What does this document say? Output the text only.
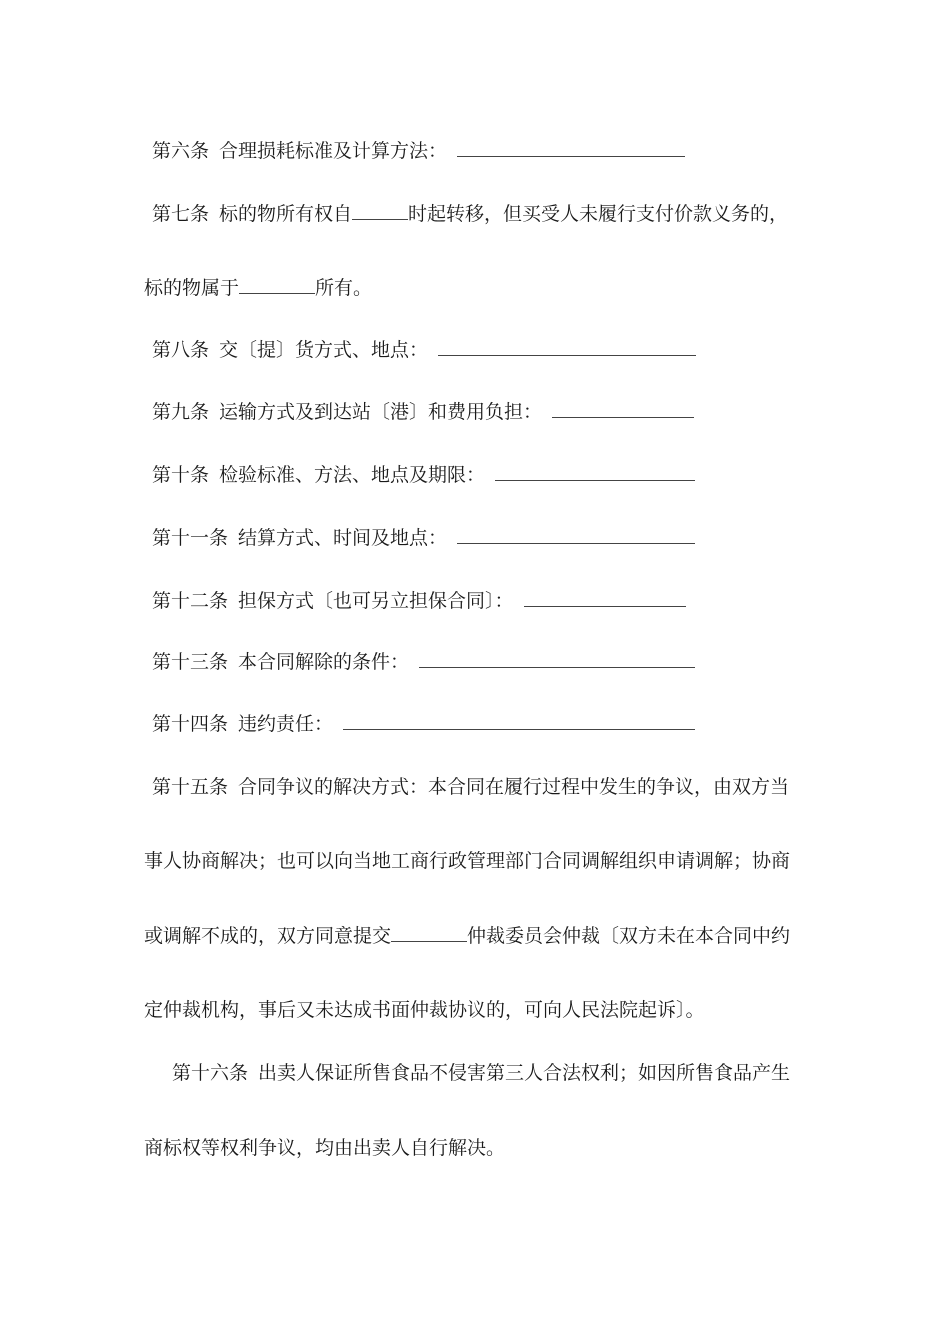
第六条 合理损耗标准及计算方法：
第七条 标的物所有权自	时起转移，但买受人未履行支付价款义务的，
标的物属于	所有。
第八条 交〔提〕货方式、地点：
第九条 运输方式及到达站〔港〕和费用负担：
第十条 检验标准、方法、地点及期限：
第十一条 结算方式、时间及地点：
第十二条 担保方式〔也可另立担保合同〕：
第十三条 本合同解除的条件：
第十四条 违约责任：
第十五条 合同争议的解决方式：本合同在履行过程中发生的争议，由双方当
事人协商解决；也可以向当地工商行政管理部门合同调解组织申请调解；协商
或调解不成的，双方同意提交	仲裁委员会仲裁〔双方未在本合同中约
定仲裁机构，事后又未达成书面仲裁协议的，可向人民法院起诉〕。
第十六条 出卖人保证所售食品不侵害第三人合法权利；如因所售食品产生
商标权等权利争议，均由出卖人自行解决。
